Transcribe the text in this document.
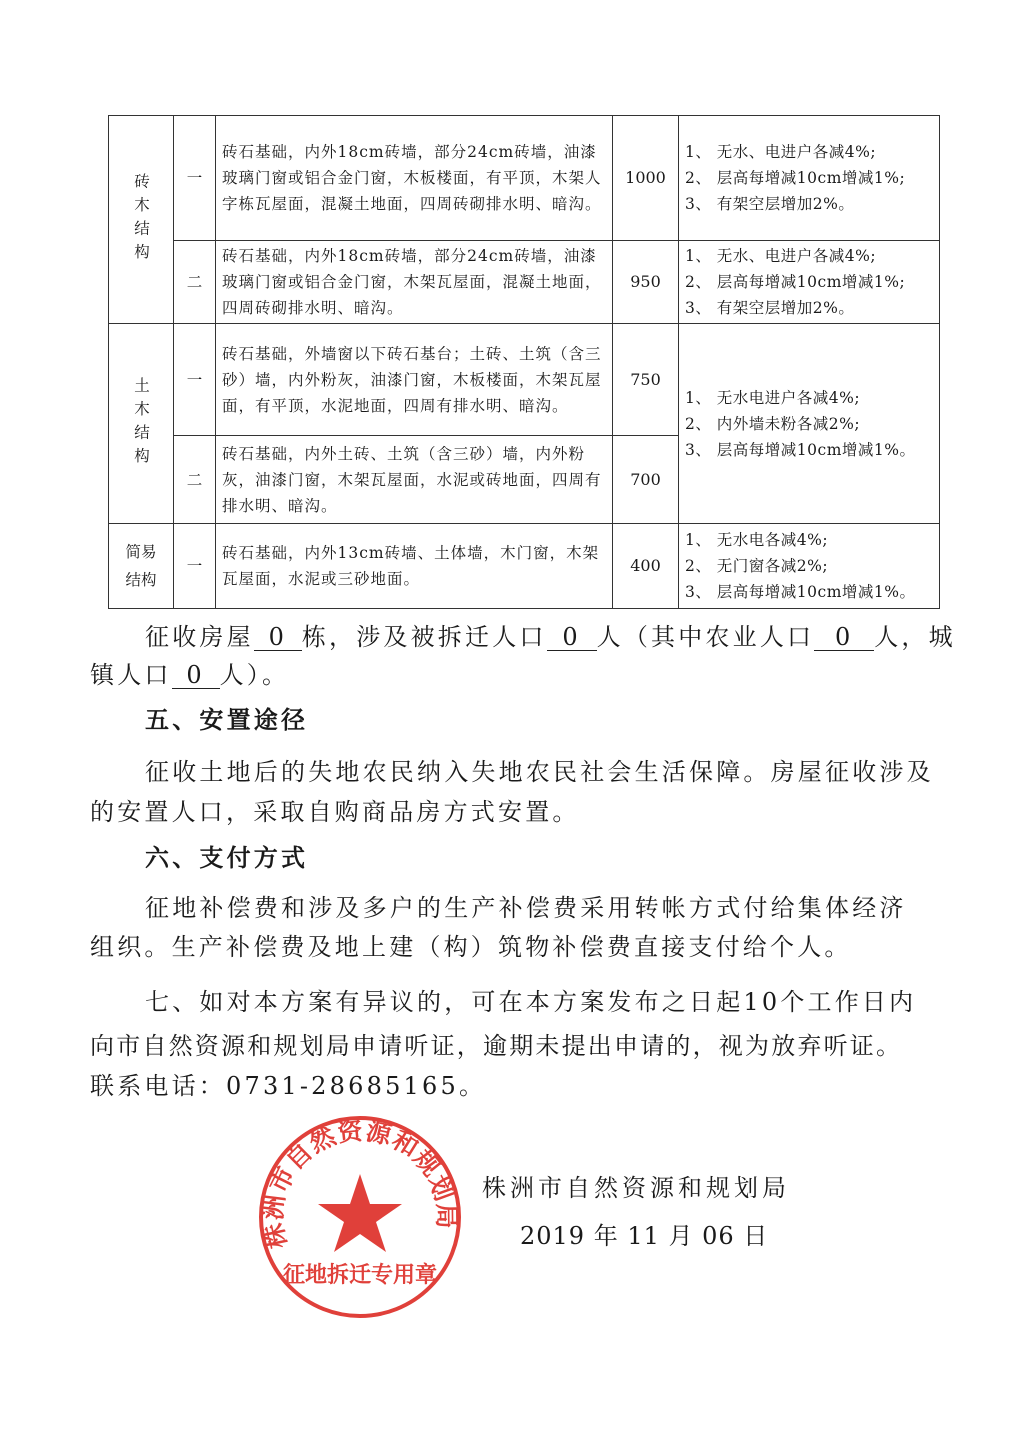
砖木结构	一	砖石基础，内外18cm砖墙，部分24cm砖墙，油漆玻璃门窗或铝合金门窗，木板楼面，有平顶，木架人字栋瓦屋面，混凝土地面，四周砖砌排水明、暗沟。	1000	1、 无水、电进户各减4%;
2、 层高每增减10cm增减1%;
3、 有架空层增加2%。

	二	砖石基础，内外18cm砖墙，部分24cm砖墙，油漆玻璃门窗或铝合金门窗，木架瓦屋面，混凝土地面，四周砖砌排水明、暗沟。	950	1、 无水、电进户各减4%;
2、 层高每增减10cm增减1%;
3、 有架空层增加2%。

土木结构	一	砖石基础，外墙窗以下砖石基台；土砖、土筑（含三砂）墙，内外粉灰，油漆门窗，木板楼面，木架瓦屋面，有平顶，水泥地面，四周有排水明、暗沟。	750	1、 无水电进户各减4%;
2、 内外墙未粉各减2%;
3、 层高每增减10cm增减1%。

	二	砖石基础，内外土砖、土筑（含三砂）墙，内外粉灰，油漆门窗，木架瓦屋面，水泥或砖地面，四周有排水明、暗沟。	700	
简易结构	一	砖石基础，内外13cm砖墙、土体墙，木门窗，木架瓦屋面，水泥或三砂地面。	400	1、 无水电各减4%;
2、 无门窗各减2%;
3、 层高每增减10cm增减1%。
征收房屋 0 栋，涉及被拆迁人口 0 人（其中农业人口 0 人，城
镇人口 0 人）。
五、安置途径
征收土地后的失地农民纳入失地农民社会生活保障。房屋征收涉及
的安置人口，采取自购商品房方式安置。
六、支付方式
征地补偿费和涉及多户的生产补偿费采用转帐方式付给集体经济
组织。生产补偿费及地上建（构）筑物补偿费直接支付给个人。
七、如对本方案有异议的，可在本方案发布之日起10个工作日内
向市自然资源和规划局申请听证，逾期未提出申请的，视为放弃听证。
联系电话：0731-28685165。
株洲市自然资源和规划局
2019 年 11 月 06 日
株洲市自然资源和规划局
征地拆迁专用章
